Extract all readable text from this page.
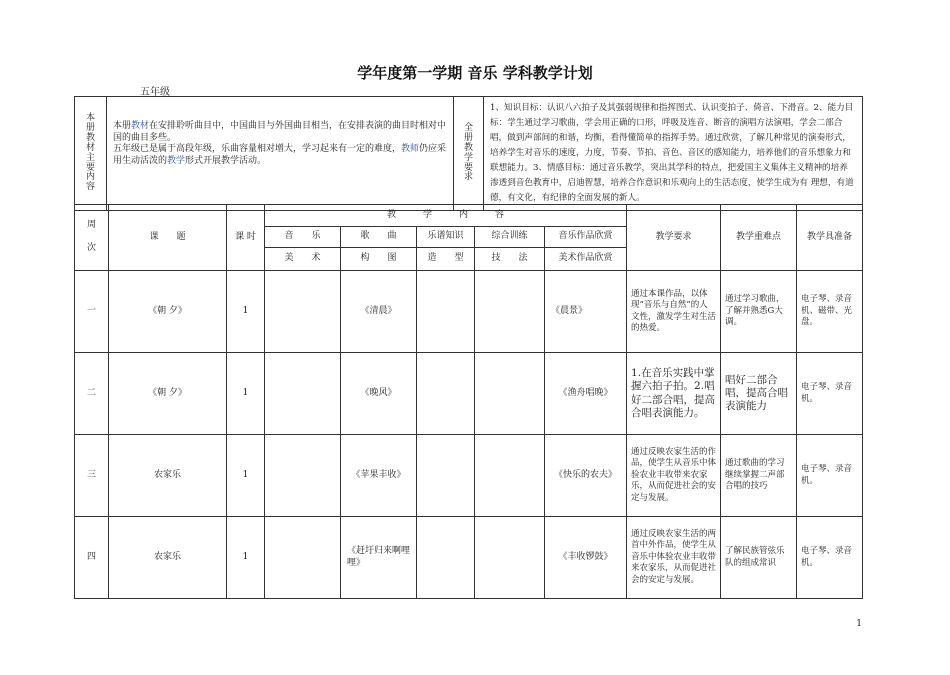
学年度第一学期 音乐 学科教学计划
五年级
本
册
教
材
主
要
内
容
	本册教材在安排聆听曲目中，中国曲目与外国曲目相当，在安排表演的曲目时相对中国的曲目多些。
五年级已是属于高段年级，乐曲容量相对增大，学习起来有一定的难度，教师仍应采用生动活泼的教学形式开展教学活动。	
全
册
教
学
要
求
	1、知识目标：认识八六拍子及其强弱规律和指挥图式、认识变拍子、倚音、下滑音。2、能力目标：学生通过学习歌曲，学会用正确的口形，呼吸及连音、断音的演唱方法演唱，学会二部合唱，做到声部间的和谐，均衡，看得懂简单的指挥手势。通过欣赏，了解几种常见的演奏形式，培养学生对音乐的速度，力度，节奏、节拍、音色、音区的感知能力，培养他们的音乐想象力和联想能力。3、情感目标：通过音乐教学，突出其学科的特点，把爱国主义集体主义精神的培养渗透到音色教育中，启迪智慧，培养合作意识和乐观向上的生活态度，使学生成为有 理想，有道德，有文化，有纪律的全面发展的新人。
周

次	课　　题	课 时	教　　　学　　　内　　　容					教学要求	教学重难点	教学具准备
			音　　乐	歌　　曲	乐谱知识	综合训练	音乐作品欣赏			
			美　　术	构　　图	造　　型	技　　法	美术作品欣赏			
一	《朝 夕》	1		《清晨》			《晨景》	通过本课作品，以体现“音乐与自然”的人文性，激发学生对生活的热爱。	通过学习歌曲，了解并熟悉G大调。	电子琴、录音机、磁带、光盘。
二	《朝 夕》	1		《晚风》			《渔舟唱晚》	1.在音乐实践中掌握六拍子拍。2.唱好二部合唱，提高合唱表演能力。	唱好二部合唱，提高合唱表演能力	电子琴、录音机。
三	农家乐	1		《苹果丰收》			《快乐的农夫》	通过反映农家生活的作品，使学生从音乐中体验农业丰收带来农家乐，从而促进社会的安定与发展。	通过歌曲的学习继续掌握二声部合唱的技巧	电子琴、录音机。
四	农家乐	1		《赶圩归来啊哩哩》			《丰收锣鼓》	通过反映农家生活的两首中外作品，使学生从音乐中体验农业丰收带来农家乐，从而促进社会的安定与发展。	了解民族管弦乐队的组成常识	电子琴、录音机。
1
